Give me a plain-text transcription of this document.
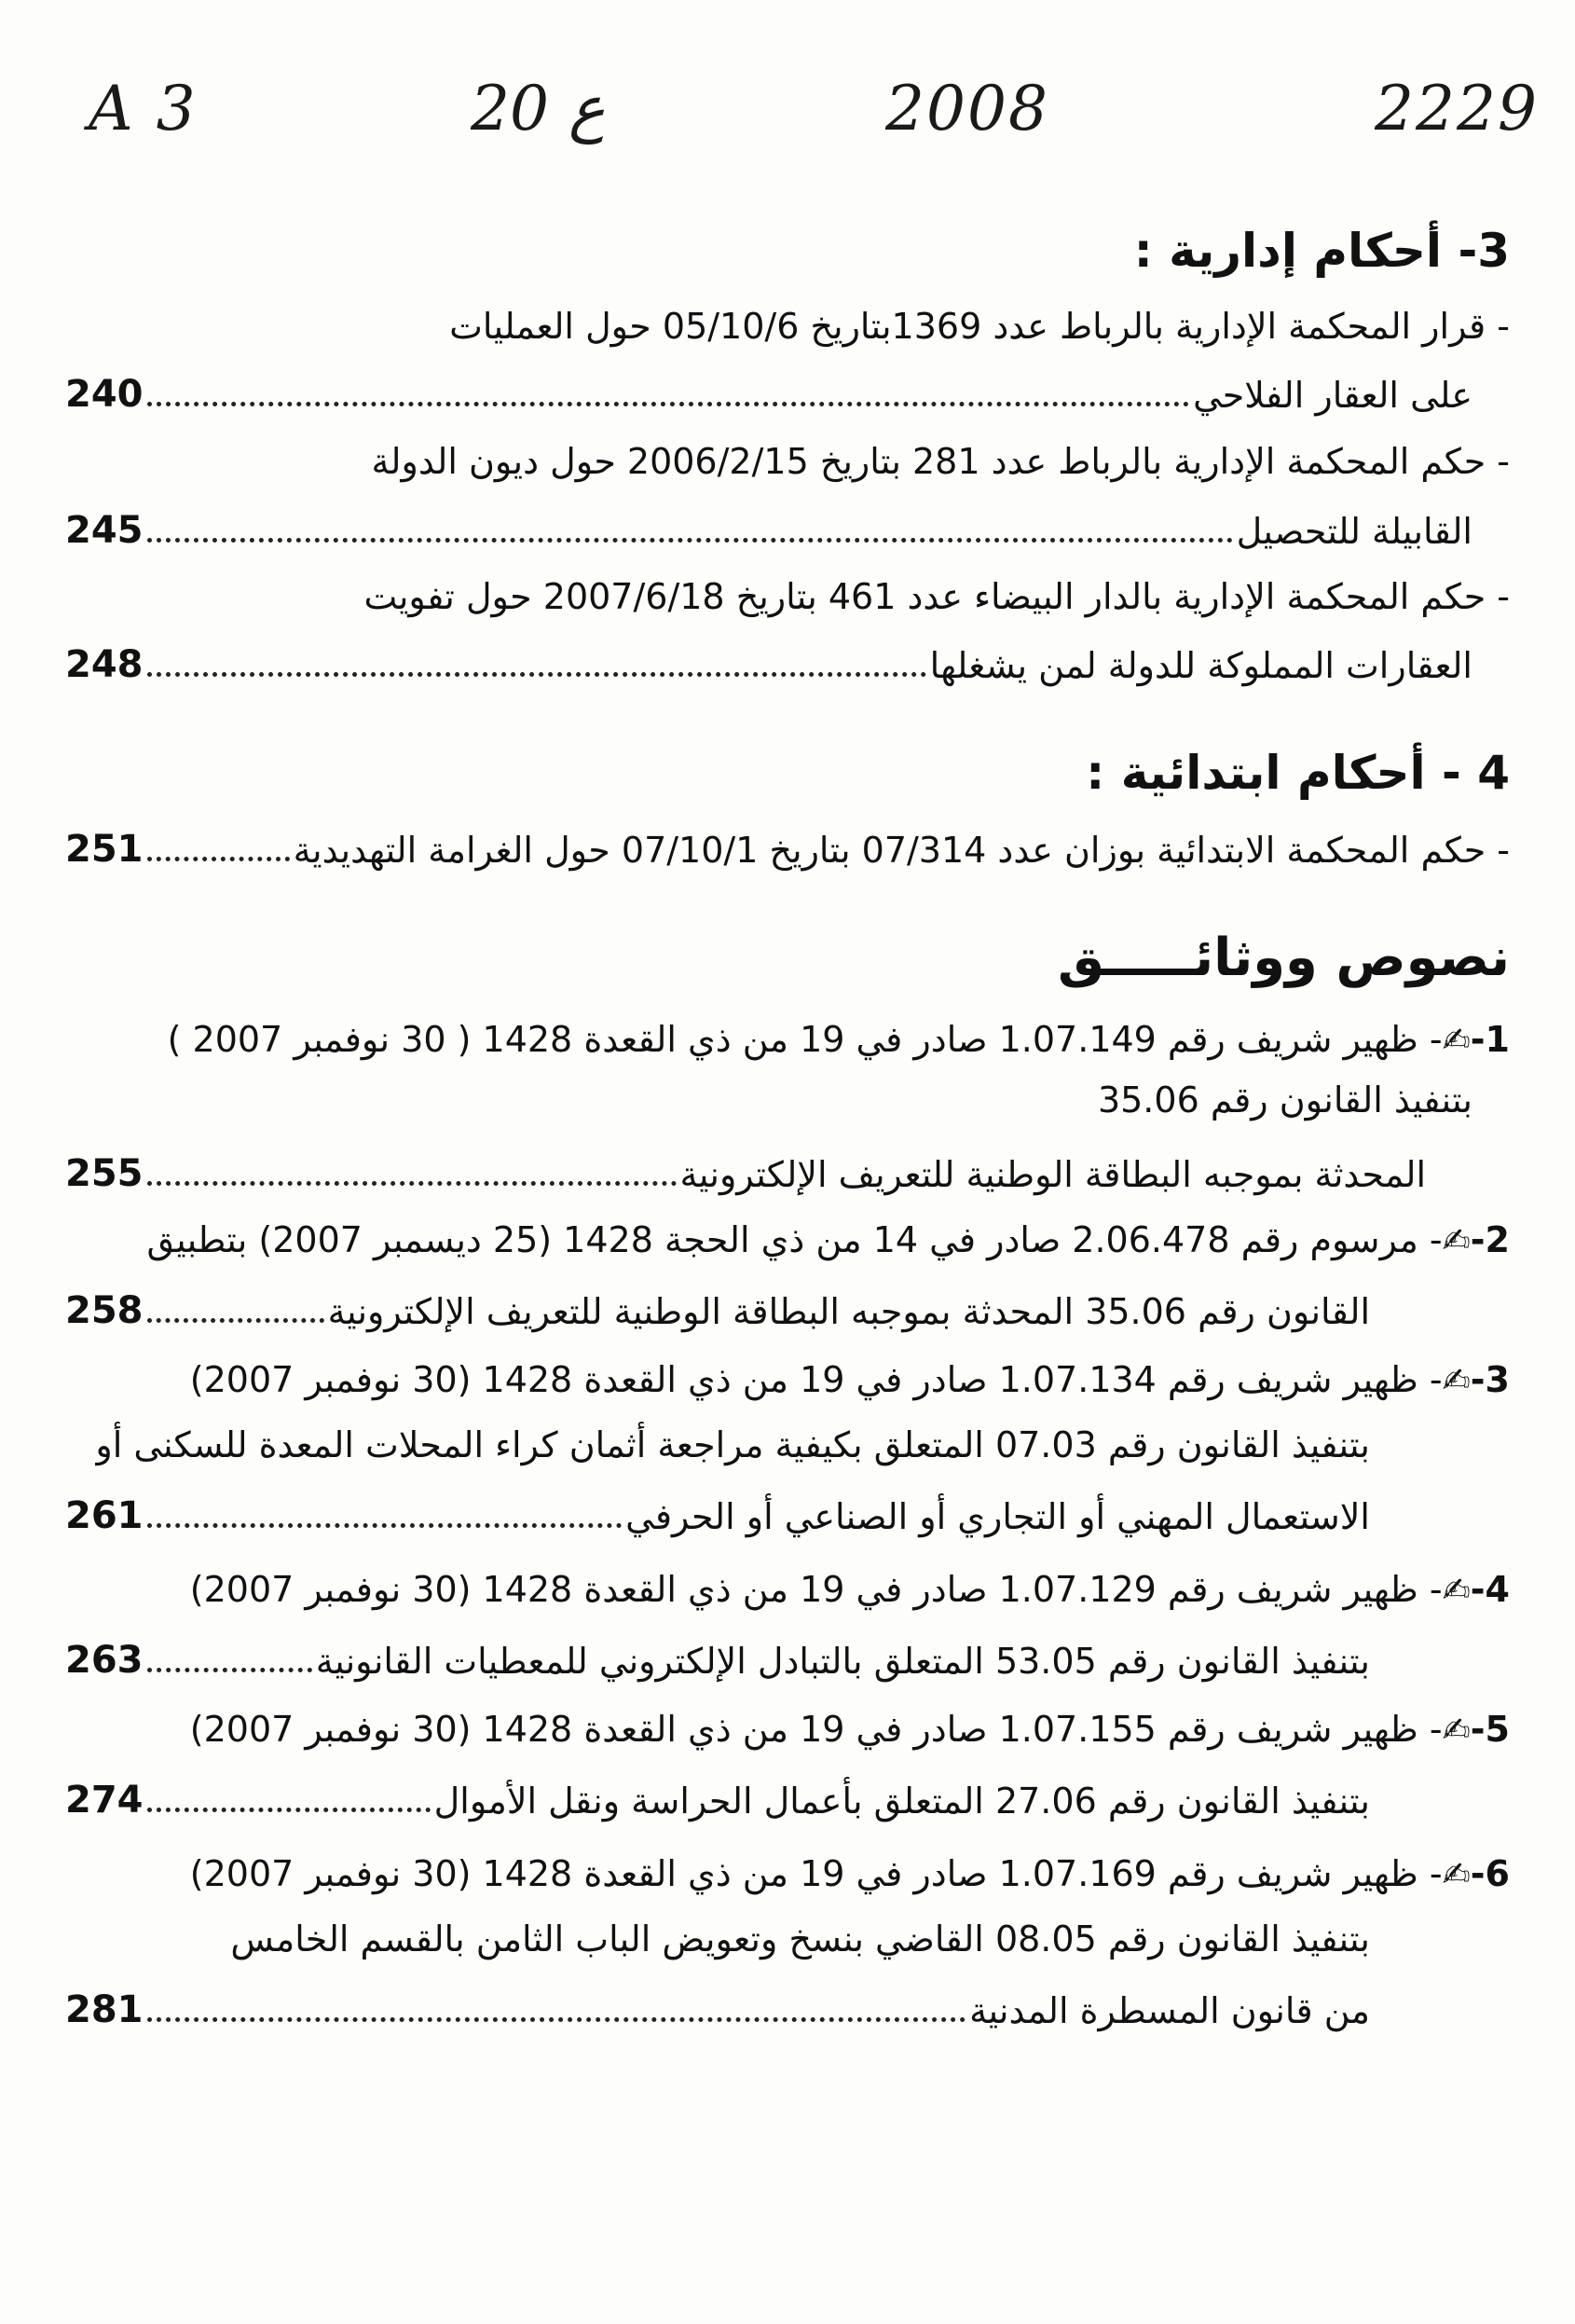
A 3	20 ع	2008	2229
3- أحكام إدارية :
- قرار المحكمة الإدارية بالرباط عدد 1369بتاريخ 05/10/6 حول العمليات
على العقار الفلاحي
240
- حكم المحكمة الإدارية بالرباط عدد 281 بتاريخ 2006/2/15 حول ديون الدولة
القابيلة للتحصيل
245
- حكم المحكمة الإدارية بالدار البيضاء عدد 461 بتاريخ 2007/6/18 حول تفويت
العقارات المملوكة للدولة لمن يشغلها
248
4 - أحكام ابتدائية :
- حكم المحكمة الابتدائية بوزان عدد 07/314 بتاريخ 07/10/1 حول الغرامة التهديدية
251
نصوص ووثائـــــق
1-✍- ظهير شريف رقم 1.07.149 صادر في 19 من ذي القعدة 1428 ( 30 نوفمبر 2007 )
بتنفيذ القانون رقم 35.06
المحدثة بموجبه البطاقة الوطنية للتعريف الإلكترونية
255
2-✍- مرسوم رقم 2.06.478 صادر في 14 من ذي الحجة 1428 (25 ديسمبر 2007) بتطبيق
القانون رقم 35.06 المحدثة بموجبه البطاقة الوطنية للتعريف الإلكترونية
258
3-✍- ظهير شريف رقم 1.07.134 صادر في 19 من ذي القعدة 1428 (30 نوفمبر 2007)
بتنفيذ القانون رقم 07.03 المتعلق بكيفية مراجعة أثمان كراء المحلات المعدة للسكنى أو
الاستعمال المهني أو التجاري أو الصناعي أو الحرفي
261
4-✍- ظهير شريف رقم 1.07.129 صادر في 19 من ذي القعدة 1428 (30 نوفمبر 2007)
بتنفيذ القانون رقم 53.05 المتعلق بالتبادل الإلكتروني للمعطيات القانونية
263
5-✍- ظهير شريف رقم 1.07.155 صادر في 19 من ذي القعدة 1428 (30 نوفمبر 2007)
بتنفيذ القانون رقم 27.06 المتعلق بأعمال الحراسة ونقل الأموال
274
6-✍- ظهير شريف رقم 1.07.169 صادر في 19 من ذي القعدة 1428 (30 نوفمبر 2007)
بتنفيذ القانون رقم 08.05 القاضي بنسخ وتعويض الباب الثامن بالقسم الخامس
من قانون المسطرة المدنية
281
